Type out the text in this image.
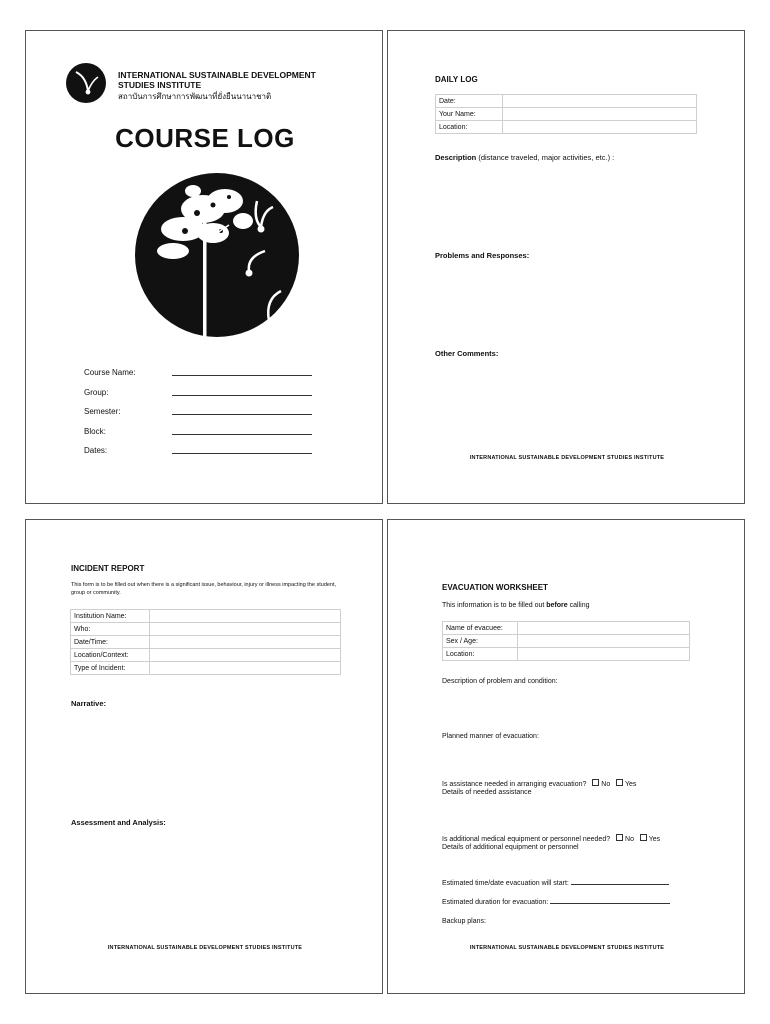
INTERNATIONAL SUSTAINABLE DEVELOPMENT
STUDIES INSTITUTE
สถาบันการศึกษาการพัฒนาที่ยั่งยืนนานาชาติ
COURSE LOG
Course Name:
Group:
Semester:
Block:
Dates:
DAILY LOG
Date:	
Your Name:	
Location:	
Description (distance traveled, major activities, etc.) :
Problems and Responses:
Other Comments:
INTERNATIONAL SUSTAINABLE DEVELOPMENT STUDIES INSTITUTE
INCIDENT REPORT
This form is to be filled out when there is a significant issue, behaviour, injury or illness impacting the student, group or community.
Institution Name:	
Who:	
Date/Time:	
Location/Context:	
Type of Incident:	
Narrative:
Assessment and Analysis:
INTERNATIONAL SUSTAINABLE DEVELOPMENT STUDIES INSTITUTE
EVACUATION WORKSHEET
This information is to be filled out before calling
Name of evacuee:	
Sex / Age:	
Location:	
Description of problem and condition:
Planned manner of evacuation:
Is assistance needed in arranging evacuation? No Yes
Details of needed assistance
Is additional medical equipment or personnel needed? No Yes
Details of additional equipment or personnel
Estimated time/date evacuation will start:
Estimated duration for evacuation:
Backup plans:
INTERNATIONAL SUSTAINABLE DEVELOPMENT STUDIES INSTITUTE
